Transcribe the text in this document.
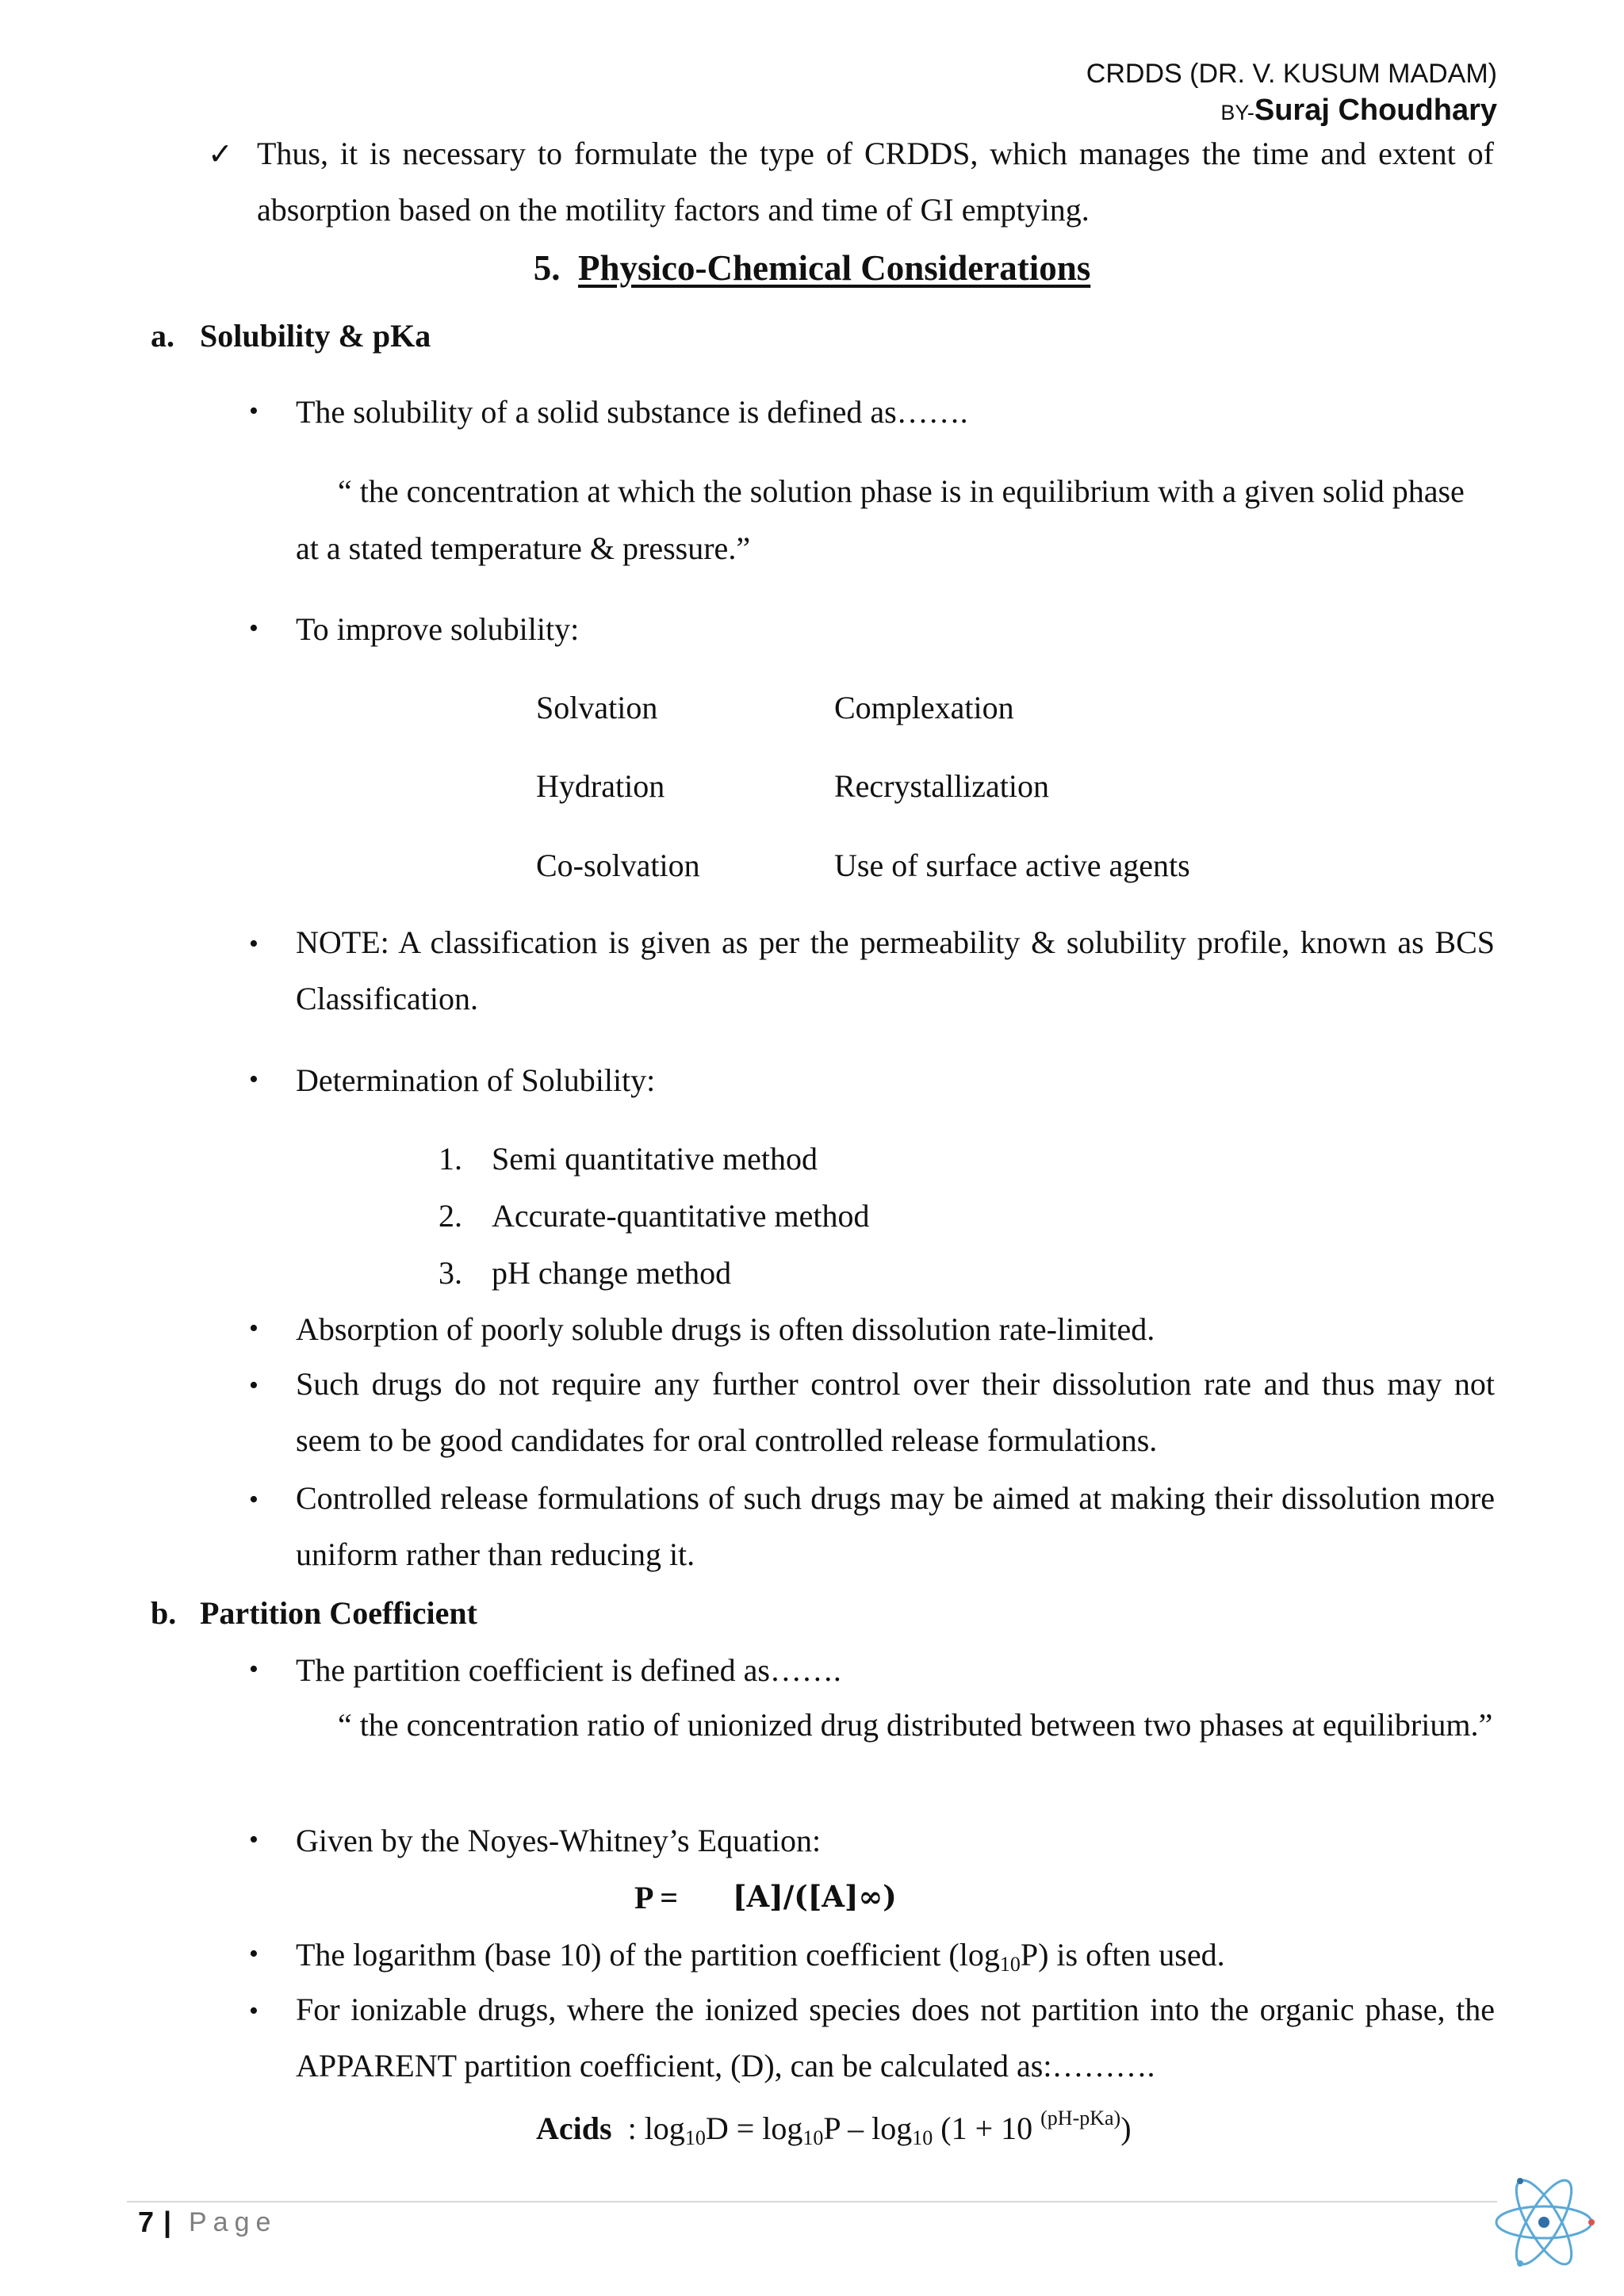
CRDDS (DR. V. KUSUM MADAM)
BY-Suraj Choudhary
✓ Thus, it is necessary to formulate the type of CRDDS, which manages the time and extent of absorption based on the motility factors and time of GI emptying.
5. Physico-Chemical Considerations
a. Solubility & pKa
• The solubility of a solid substance is defined as…….
“ the concentration at which the solution phase is in equilibrium with a given solid phase
at a stated temperature & pressure.”
• To improve solubility:
Solvation	Complexation
Hydration	Recrystallization
Co-solvation	Use of surface active agents
• NOTE: A classification is given as per the permeability & solubility profile, known as BCS Classification.
• Determination of Solubility:
1. Semi quantitative method
2. Accurate-quantitative method
3. pH change method
• Absorption of poorly soluble drugs is often dissolution rate-limited.
• Such drugs do not require any further control over their dissolution rate and thus may not seem to be good candidates for oral controlled release formulations.
• Controlled release formulations of such drugs may be aimed at making their dissolution more uniform rather than reducing it.
b. Partition Coefficient
• The partition coefficient is defined as…….
“ the concentration ratio of unionized drug distributed between two phases at equilibrium.”
• Given by the Noyes-Whitney’s Equation:
P = [A]/([A]∞)
• The logarithm (base 10) of the partition coefficient $(\log_{10}P)$ is often used.
• For ionizable drugs, where the ionized species does not partition into the organic phase, the APPARENT partition coefficient, (D), can be calculated as:……….
Acids : $\log_{10}D = \log_{10}P - \log_{10} (1 + 10$ $^{(pH-pKa)}$)
7 | Page
